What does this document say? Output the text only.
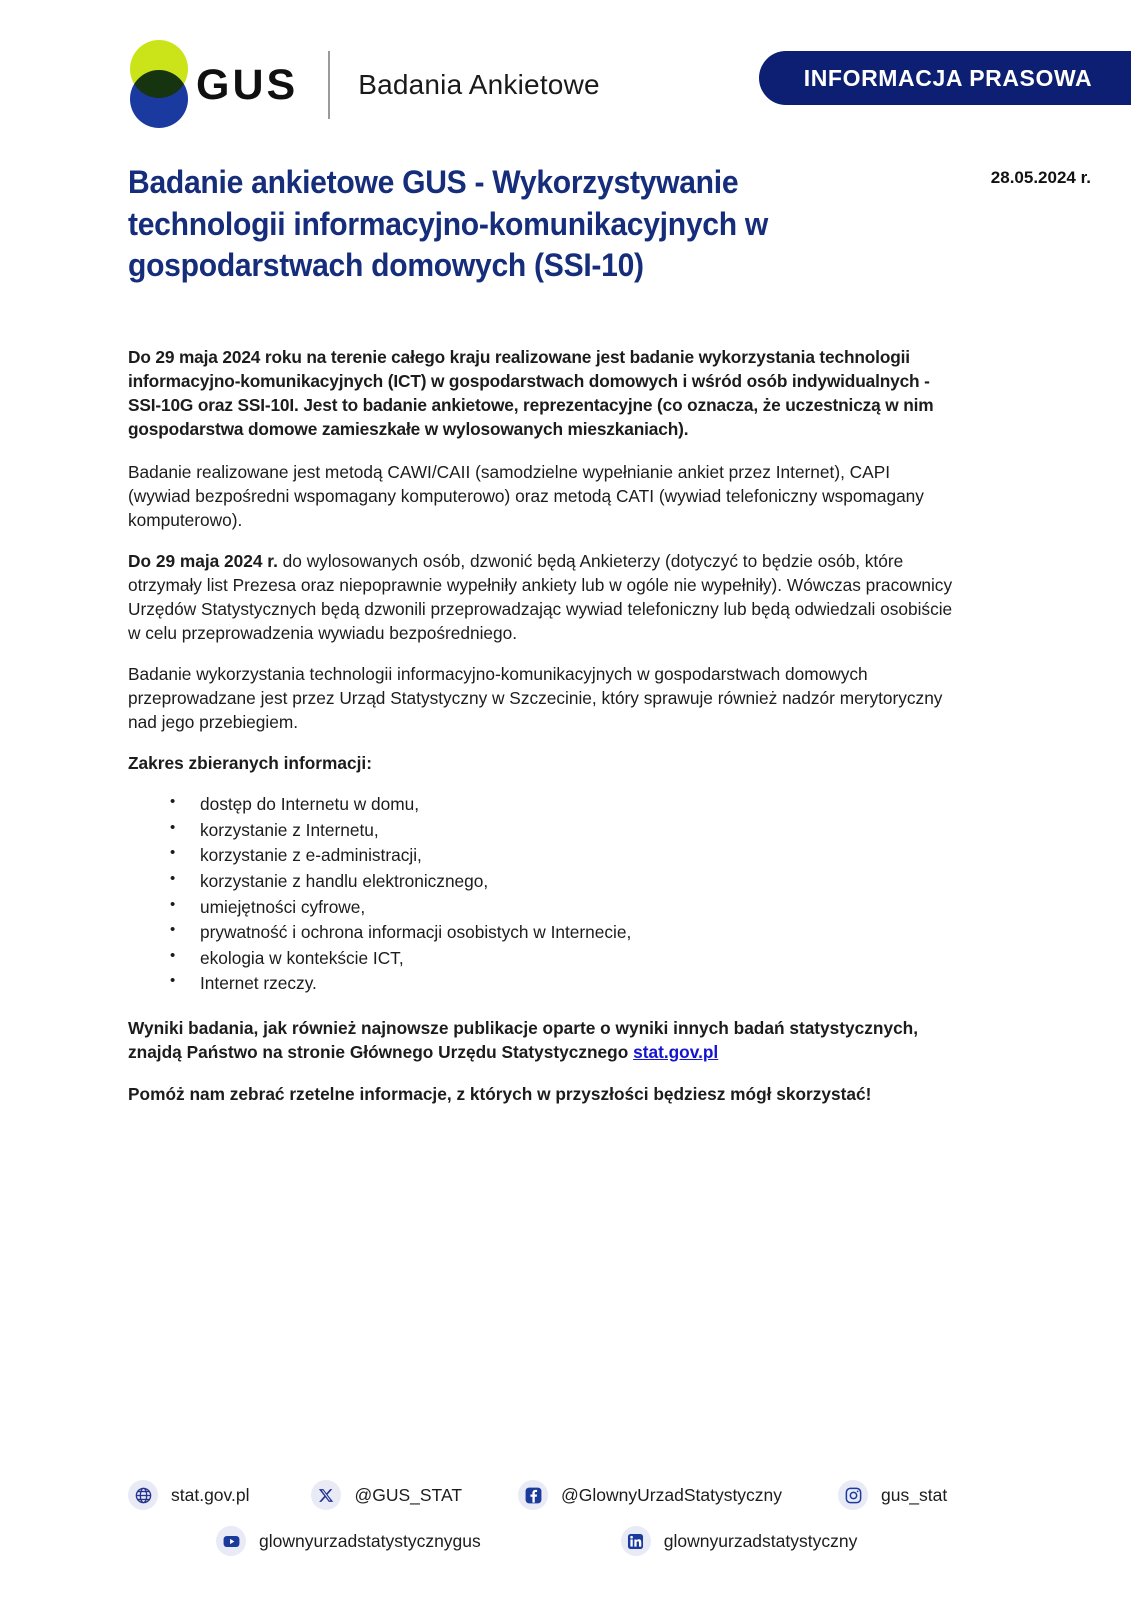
GUS Badania Ankietowe	INFORMACJA PRASOWA
Badanie ankietowe GUS - Wykorzystywanie technologii informacyjno-komunikacyjnych w gospodarstwach domowych (SSI-10)
28.05.2024 r.

Do 29 maja 2024 roku na terenie całego kraju realizowane jest badanie wykorzystania technologii informacyjno-komunikacyjnych (ICT) w gospodarstwach domowych i wśród osób indywidualnych - SSI-10G oraz SSI-10I. Jest to badanie ankietowe, reprezentacyjne (co oznacza, że uczestniczą w nim gospodarstwa domowe zamieszkałe w wylosowanych mieszkaniach).

Badanie realizowane jest metodą CAWI/CAII (samodzielne wypełnianie ankiet przez Internet), CAPI (wywiad bezpośredni wspomagany komputerowo) oraz metodą CATI (wywiad telefoniczny wspomagany komputerowo).

Do 29 maja 2024 r. do wylosowanych osób, dzwonić będą Ankieterzy (dotyczyć to będzie osób, które otrzymały list Prezesa oraz niepoprawnie wypełniły ankiety lub w ogóle nie wypełniły). Wówczas pracownicy Urzędów Statystycznych będą dzwonili przeprowadzając wywiad telefoniczny lub będą odwiedzali osobiście w celu przeprowadzenia wywiadu bezpośredniego.

Badanie wykorzystania technologii informacyjno-komunikacyjnych w gospodarstwach domowych przeprowadzane jest przez Urząd Statystyczny w Szczecinie, który sprawuje również nadzór merytoryczny nad jego przebiegiem.

Zakres zbieranych informacji:

• dostęp do Internetu w domu,
• korzystanie z Internetu,
• korzystanie z e-administracji,
• korzystanie z handlu elektronicznego,
• umiejętności cyfrowe,
• prywatność i ochrona informacji osobistych w Internecie,
• ekologia w kontekście ICT,
• Internet rzeczy.

Wyniki badania, jak również najnowsze publikacje oparte o wyniki innych badań statystycznych, znajdą Państwo na stronie Głównego Urzędu Statystycznego stat.gov.pl

Pomóż nam zebrać rzetelne informacje, z których w przyszłości będziesz mógł skorzystać!

stat.gov.pl	@GUS_STAT	@GlownyUrzadStatystyczny	gus_stat
glownyurzadstatystycznygus	glownyurzadstatystyczny
